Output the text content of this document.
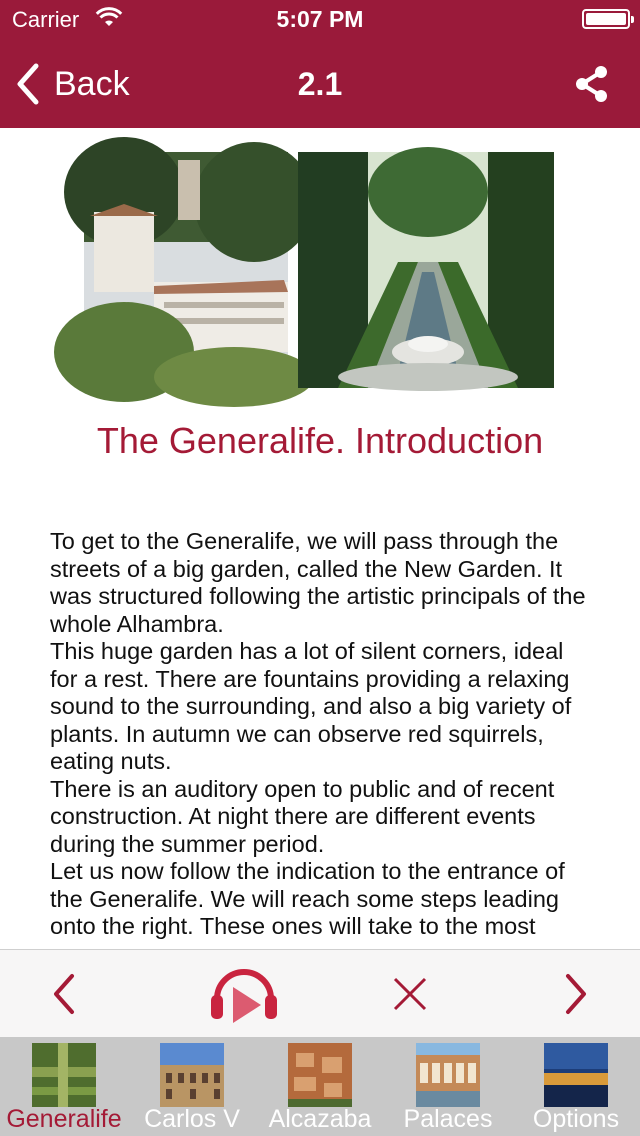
Carrier	5:07 PM
Back	2.1
The Generalife. Introduction

To get to the Generalife, we will pass through the streets of a big garden, called the New Garden. It was structured following the artistic principals of the whole Alhambra.

This huge garden has a lot of silent corners, ideal for a rest. There are fountains providing a relaxing sound to the surrounding, and also a big variety of plants. In autumn we can observe red squirrels, eating nuts.

There is an auditory open to public and of recent construction. At night there are different events during the summer period.

Let us now follow the indication to the entrance of the Generalife. We will reach some steps leading onto the right. These ones will take to the most

Generalife Carlos V	Alcazaba	Palaces	Options
